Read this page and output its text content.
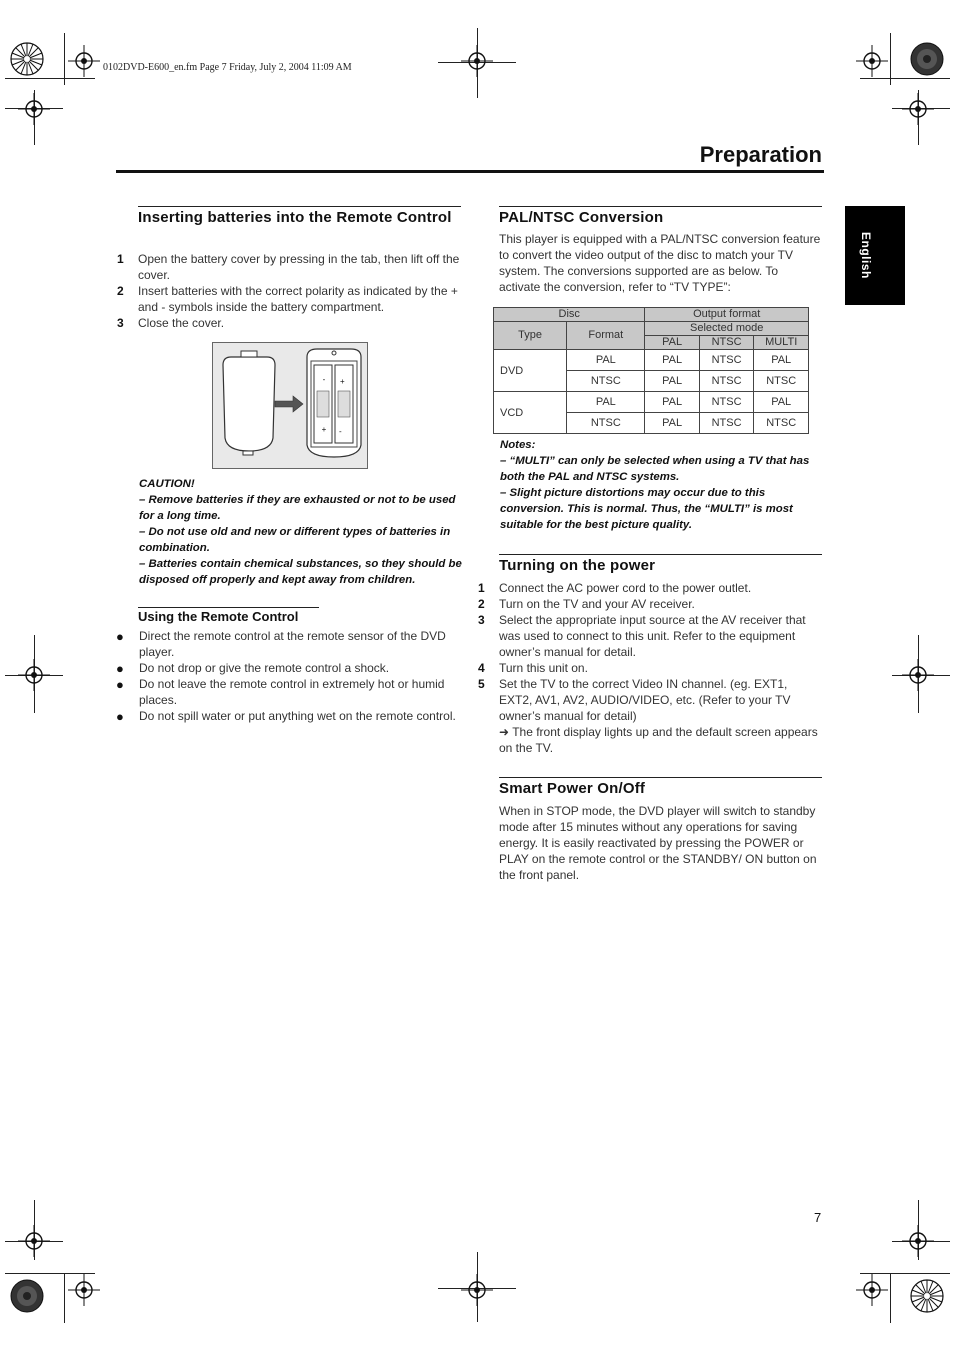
0102DVD-E600_en.fm Page 7 Friday, July 2, 2004 11:09 AM
Preparation
English
Inserting batteries into the Remote Control
1 Open the battery cover by pressing in the tab, then lift off the cover.
2 Insert batteries with the correct polarity as indicated by the + and - symbols inside the battery compartment.
3 Close the cover.
- +
+ -
CAUTION!
– Remove batteries if they are exhausted or not to be used for a long time.
– Do not use old and new or different types of batteries in combination.
– Batteries contain chemical substances, so they should be disposed off properly and kept away from children.
Using the Remote Control
● Direct the remote control at the remote sensor of the DVD player.
● Do not drop or give the remote control a shock.
● Do not leave the remote control in extremely hot or humid places.
● Do not spill water or put anything wet on the remote control.
PAL/NTSC Conversion
This player is equipped with a PAL/NTSC conversion feature to convert the video output of the disc to match your TV system. The conversions supported are as below. To activate the conversion, refer to “TV TYPE”:
Disc		Output format		
Type	Format	Selected mode		
		PAL	NTSC	MULTI
DVD	PAL	PAL	NTSC	PAL
	NTSC	PAL	NTSC	NTSC
VCD	PAL	PAL	NTSC	PAL
	NTSC	PAL	NTSC	NTSC
Notes:
– “MULTI” can only be selected when using a TV that has both the PAL and NTSC systems.
– Slight picture distortions may occur due to this conversion. This is normal. Thus, the “MULTI” is most suitable for the best picture quality.
Turning on the power
1 Connect the AC power cord to the power outlet.
2 Turn on the TV and your AV receiver.
3 Select the appropriate input source at the AV receiver that was used to connect to this unit. Refer to the equipment owner’s manual for detail.
4 Turn this unit on.
5 Set the TV to the correct Video IN channel. (eg. EXT1, EXT2, AV1, AV2, AUDIO/VIDEO, etc. (Refer to your TV owner’s manual for detail)
➜ The front display lights up and the default screen appears on the TV.
Smart Power On/Off
When in STOP mode, the DVD player will switch to standby mode after 15 minutes without any operations for saving energy. It is easily reactivated by pressing the POWER or PLAY on the remote control or the STANDBY/ ON button on the front panel.
7
